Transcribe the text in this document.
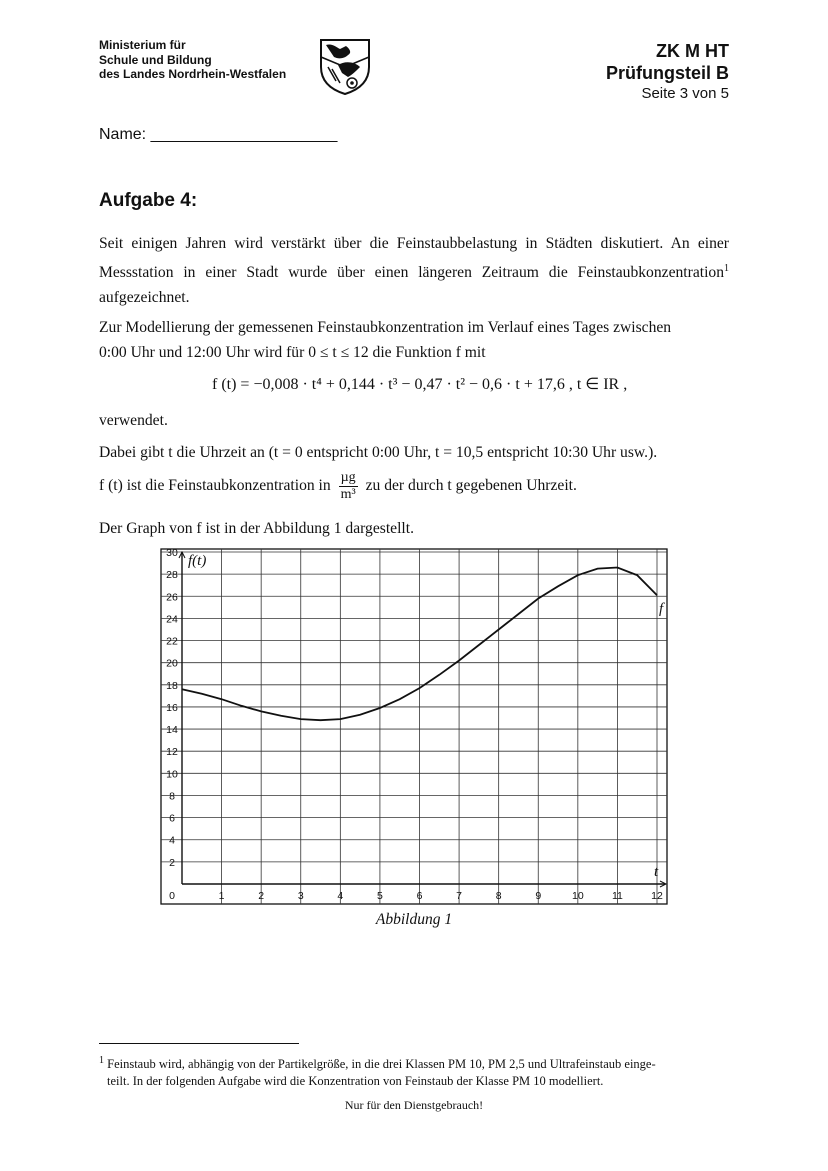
Ministerium für
Schule und Bildung
des Landes Nordrhein-Westfalen
ZK M HT
Prüfungsteil B
Seite 3 von 5
Name: _____________________
Aufgabe 4:
Seit einigen Jahren wird verstärkt über die Feinstaubbelastung in Städten diskutiert. An einer Messstation in einer Stadt wurde über einen längeren Zeitraum die Feinstaubkonzentration$^1$ aufgezeichnet.
Zur Modellierung der gemessenen Feinstaubkonzentration im Verlauf eines Tages zwischen
0:00 Uhr und 12:00 Uhr wird für 0 ≤ t ≤ 12 die Funktion f mit
f (t) = −0,008 · t⁴ + 0,144 · t³ − 0,47 · t² − 0,6 · t + 17,6 , t ∈ IR ,
verwendet.
Dabei gibt t die Uhrzeit an (t = 0 entspricht 0:00 Uhr, t = 10,5 entspricht 10:30 Uhr usw.).
f (t) ist die Feinstaubkonzentration in µg
m³
zu der durch t gegebenen Uhrzeit.
Der Graph von f ist in der Abbildung 1 dargestellt.
0	1	2	3	4	5	6	7	8	9	10	11	12
2
4
6
8
10
12
14
16
18
20
22
24
26
28
30 f(t)
t
f
Abbildung 1
$^1$ Feinstaub wird, abhängig von der Partikelgröße, in die drei Klassen PM 10, PM 2,5 und Ultrafeinstaub einge-
teilt. In der folgenden Aufgabe wird die Konzentration von Feinstaub der Klasse PM 10 modelliert.
Nur für den Dienstgebrauch!
